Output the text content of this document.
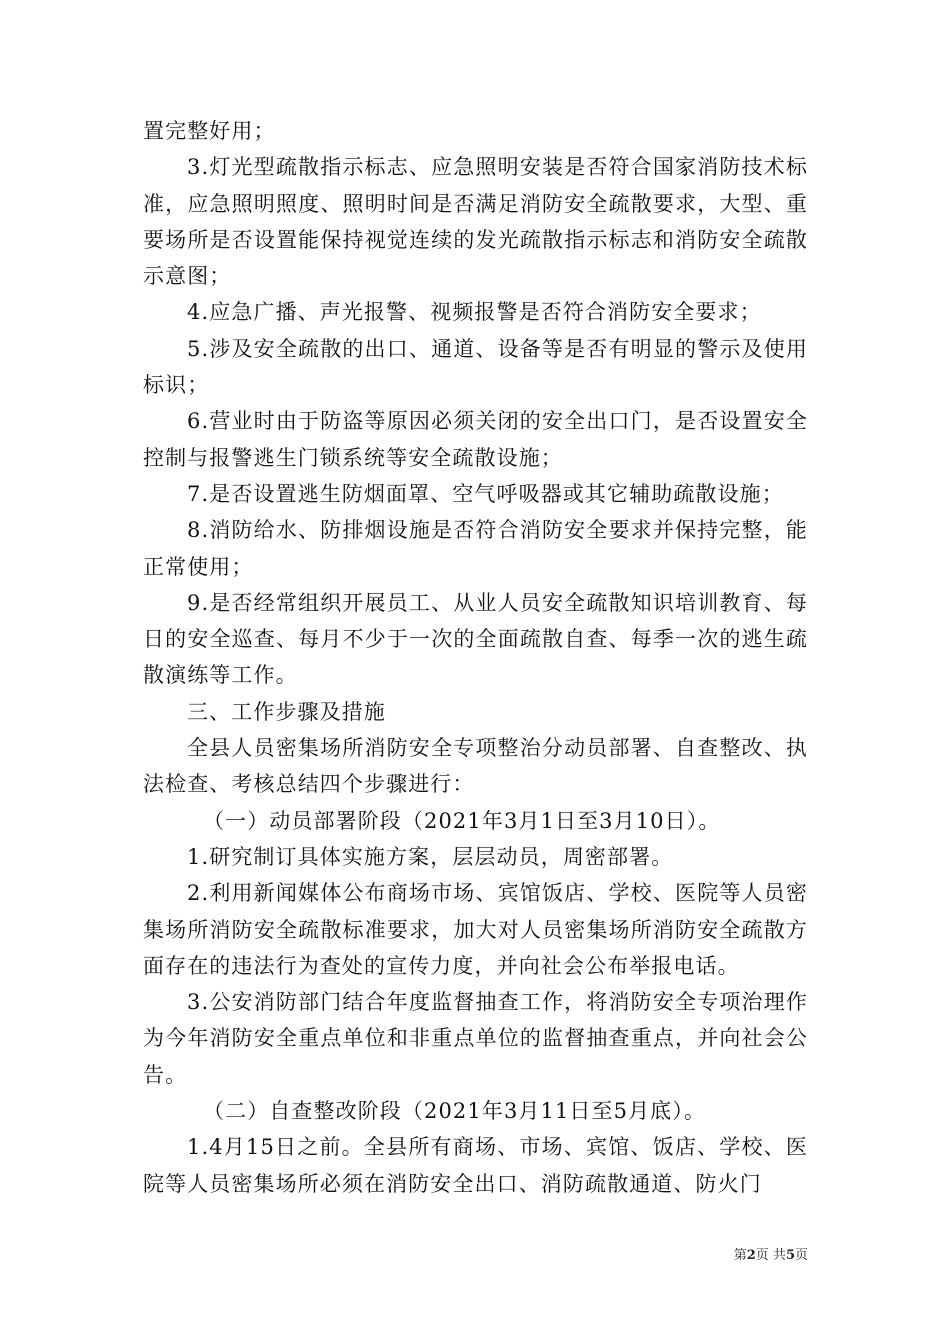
置完整好用；

3.灯光型疏散指示标志、应急照明安装是否符合国家消防技术标准，应急照明照度、照明时间是否满足消防安全疏散要求，大型、重要场所是否设置能保持视觉连续的发光疏散指示标志和消防安全疏散示意图；

4.应急广播、声光报警、视频报警是否符合消防安全要求；

5.涉及安全疏散的出口、通道、设备等是否有明显的警示及使用标识；

6.营业时由于防盗等原因必须关闭的安全出口门，是否设置安全控制与报警逃生门锁系统等安全疏散设施；

7.是否设置逃生防烟面罩、空气呼吸器或其它辅助疏散设施；

8.消防给水、防排烟设施是否符合消防安全要求并保持完整，能正常使用；

9.是否经常组织开展员工、从业人员安全疏散知识培训教育、每日的安全巡查、每月不少于一次的全面疏散自查、每季一次的逃生疏散演练等工作。

三、工作步骤及措施

全县人员密集场所消防安全专项整治分动员部署、自查整改、执法检查、考核总结四个步骤进行：

（一）动员部署阶段（2021年3月1日至3月10日）。

1.研究制订具体实施方案，层层动员，周密部署。

2.利用新闻媒体公布商场市场、宾馆饭店、学校、医院等人员密集场所消防安全疏散标准要求，加大对人员密集场所消防安全疏散方面存在的违法行为查处的宣传力度，并向社会公布举报电话。

3.公安消防部门结合年度监督抽查工作，将消防安全专项治理作为今年消防安全重点单位和非重点单位的监督抽查重点，并向社会公告。

（二）自查整改阶段（2021年3月11日至5月底）。

1.4月15日之前。全县所有商场、市场、宾馆、饭店、学校、医院等人员密集场所必须在消防安全出口、消防疏散通道、防火门

第2页 共5页
